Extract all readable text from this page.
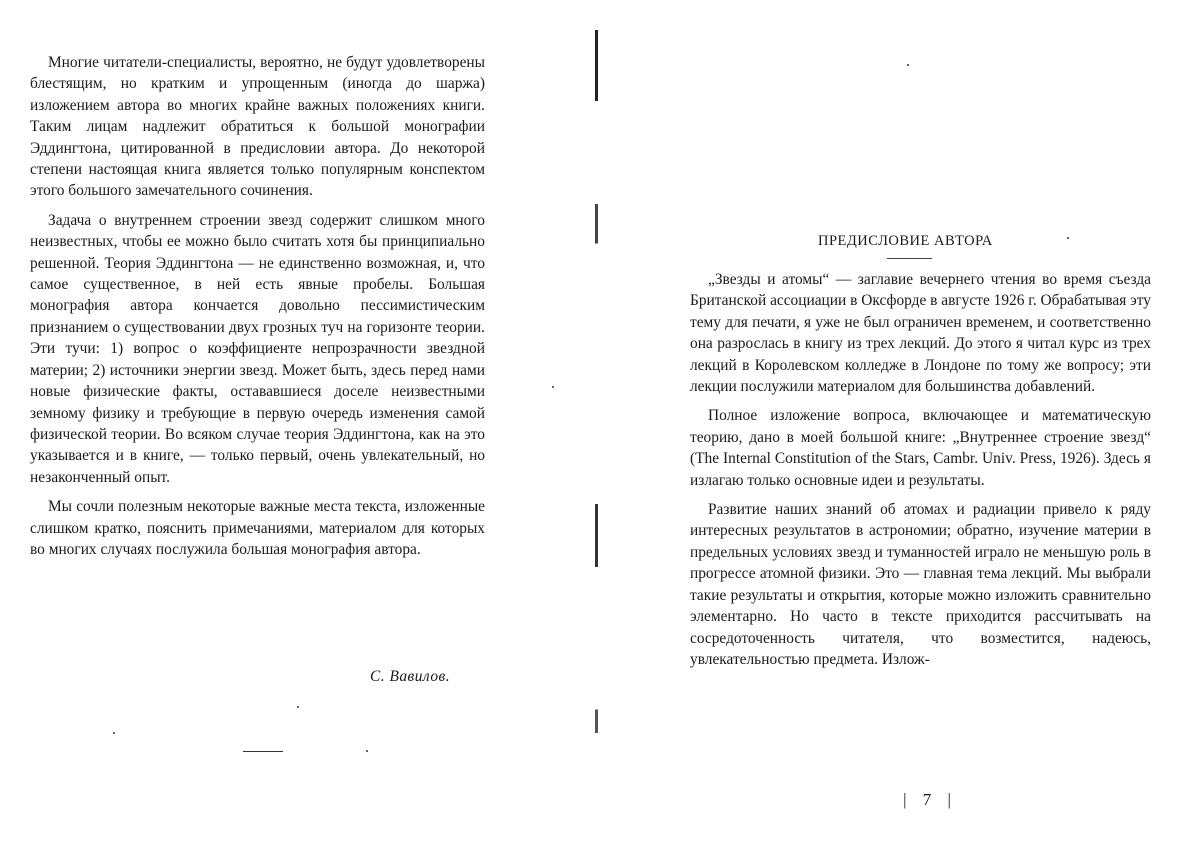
Многие читатели-специалисты, вероятно, не будут удовлетворены блестящим, но кратким и упрощенным (иногда до шаржа) изложением автора во многих крайне важных положениях книги. Таким лицам надлежит обратиться к большой монографии Эддингтона, цитированной в предисловии автора. До некоторой степени настоящая книга является только популярным конспектом этого большого замечательного сочинения.

Задача о внутреннем строении звезд содержит слишком много неизвестных, чтобы ее можно было считать хотя бы принципиально решенной. Теория Эддингтона — не единственно возможная, и, что самое существенное, в ней есть явные пробелы. Большая монография автора кончается довольно пессимистическим признанием о существовании двух грозных туч на горизонте теории. Эти тучи: 1) вопрос о коэффициенте непрозрачности звездной материи; 2) источники энергии звезд. Может быть, здесь перед нами новые физические факты, остававшиеся доселе неизвестными земному физику и требующие в первую очередь изменения самой физической теории. Во всяком случае теория Эддингтона, как на это указывается и в книге, — только первый, очень увлекательный, но незаконченный опыт.

Мы сочли полезным некоторые важные места текста, изложенные слишком кратко, пояснить примечаниями, материалом для которых во многих случаях послужила большая монография автора.

С. Вавилов.
ПРЕДИСЛОВИЕ АВТОРА

„Звезды и атомы“ — заглавие вечернего чтения во время съезда Британской ассоциации в Оксфорде в августе 1926 г. Обрабатывая эту тему для печати, я уже не был ограничен временем, и соответственно она разрослась в книгу из трех лекций. До этого я читал курс из трех лекций в Королевском колледже в Лондоне по тому же вопросу; эти лекции послужили материалом для большинства добавлений.

Полное изложение вопроса, включающее и математическую теорию, дано в моей большой книге: „Внутреннее строение звезд“ (The Internal Constitution of the Stars, Cambr. Univ. Press, 1926). Здесь я излагаю только основные идеи и результаты.

Развитие наших знаний об атомах и радиации привело к ряду интересных результатов в астрономии; обратно, изучение материи в предельных условиях звезд и туманностей играло не меньшую роль в прогрессе атомной физики. Это — главная тема лекций. Мы выбрали такие результаты и открытия, которые можно изложить сравнительно элементарно. Но часто в тексте приходится рассчитывать на сосредоточенность читателя, что возместится, надеюсь, увлекательностью предмета. Излож-

| 7 |
